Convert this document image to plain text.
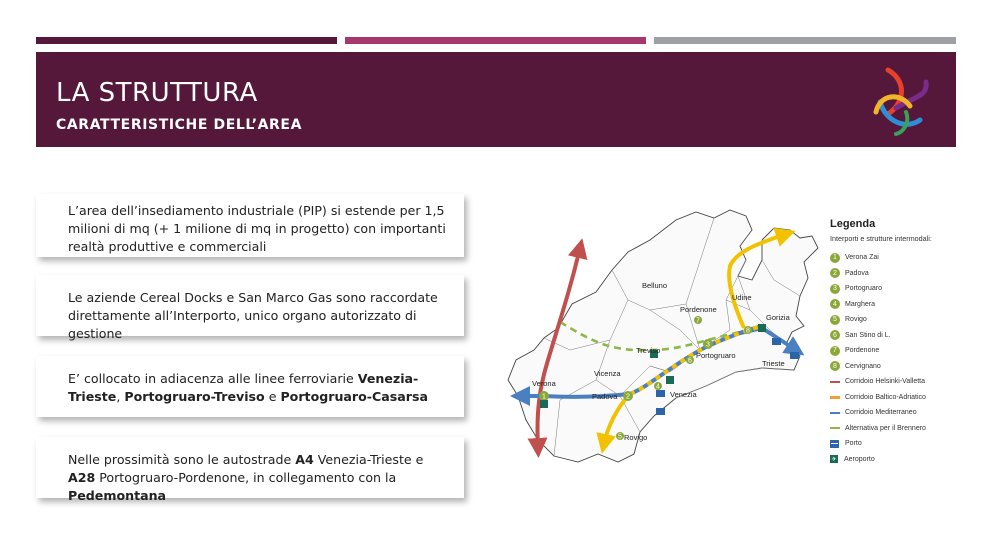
LA STRUTTURA
CARATTERISTICHE DELL’AREA
L’area dell’insediamento industriale (PIP) si estende per 1,5 milioni di mq (+ 1 milione di mq in progetto) con importanti realtà produttive e commerciali
Le aziende Cereal Docks e San Marco Gas sono raccordate direttamente all’Interporto, unico organo autorizzato di gestione
E’ collocato in adiacenza alle linee ferroviarie Venezia-Trieste, Portogruaro-Treviso e Portogruaro-Casarsa
Nelle prossimità sono le autostrade A4 Venezia-Trieste e A28 Portogruaro-Pordenone, in collegamento con la Pedemontana
1	2
3
4
5
6
7
8
Belluno
Udine
Pordenone
Gorizia
Treviso
Portogruaro
Trieste
Vicenza
Verona
Padova	Venezia
Rovigo
Legenda
Interporti e strutture intermodali:
1	Verona Zai
2	Padova
3	Portogruaro
4	Marghera
5	Rovigo
6	San Stino di L.
7	Pordenone
8	Cervignano
Corridoio Helsinki-Valletta
Corridoio Baltico-Adriatico
Corridoio Mediterraneo
Alternativa per il Brennero
Porto
✈ Aeroporto
